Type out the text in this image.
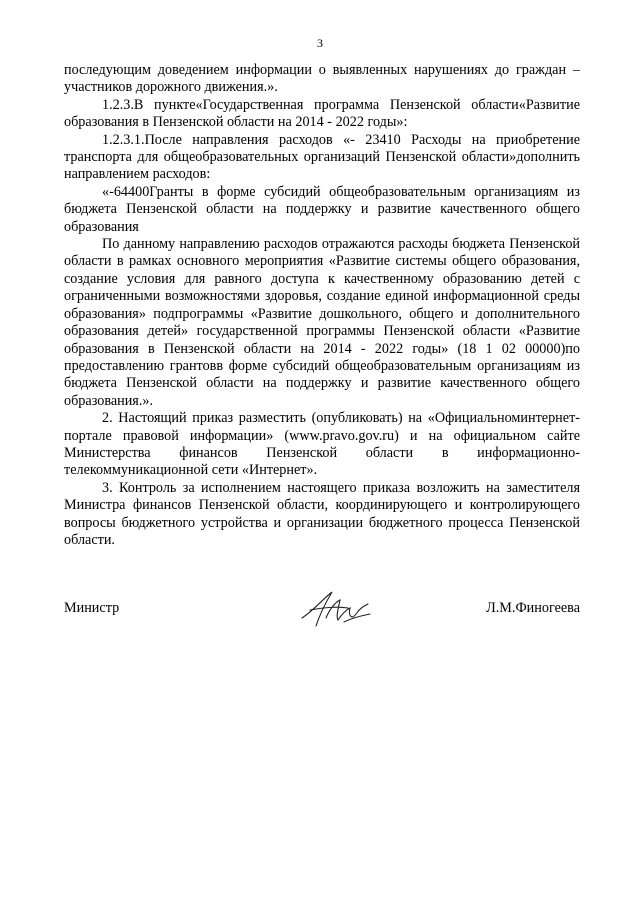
3

последующим доведением информации о выявленных нарушениях до граждан – участников дорожного движения.».

1.2.3.В пункте«Государственная программа Пензенской области«Развитие образования в Пензенской области на 2014 - 2022 годы»:

1.2.3.1.После направления расходов «- 23410 Расходы на приобретение транспорта для общеобразовательных организаций Пензенской области»дополнить направлением расходов:

«-64400Гранты в форме субсидий общеобразовательным организациям из бюджета Пензенской области на поддержку и развитие качественного общего образования

По данному направлению расходов отражаются расходы бюджета Пензенской области в рамках основного мероприятия «Развитие системы общего образования, создание условия для равного доступа к качественному образованию детей с ограниченными возможностями здоровья, создание единой информационной среды образования» подпрограммы «Развитие дошкольного, общего и дополнительного образования детей» государственной программы Пензенской области «Развитие образования в Пензенской области на 2014 - 2022 годы» (18 1 02 00000)по предоставлению грантовв форме субсидий общеобразовательным организациям из бюджета Пензенской области на поддержку и развитие качественного общего образования.».

2. Настоящий приказ разместить (опубликовать) на «Официальноминтернет-портале правовой информации» (www.pravo.gov.ru) и на официальном сайте Министерства финансов Пензенской области в информационно-телекоммуникационной сети «Интернет».

3. Контроль за исполнением настоящего приказа возложить на заместителя Министра финансов Пензенской области, координирующего и контролирующего вопросы бюджетного устройства и организации бюджетного процесса Пензенской области.

Министр	Л.М.Финогеева
